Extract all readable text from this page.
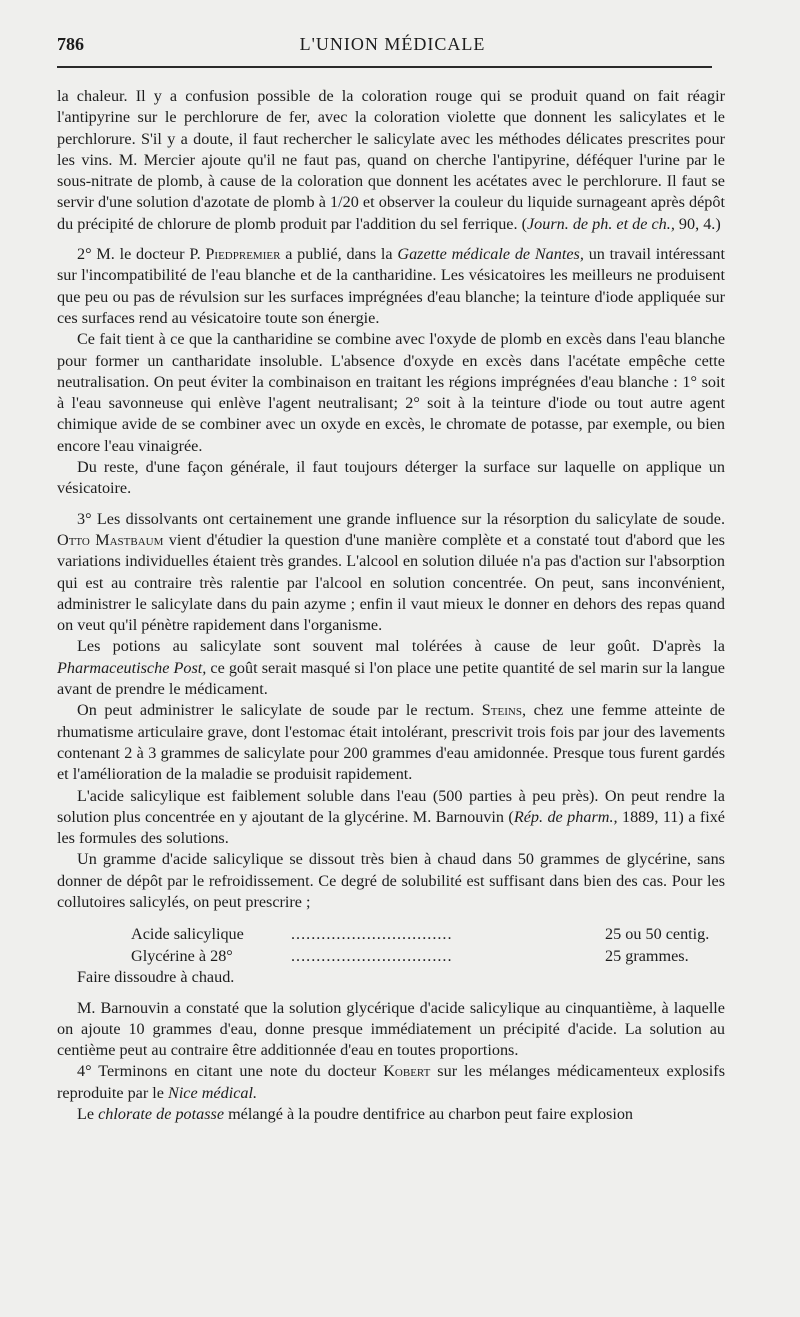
786	L'UNION MÉDICALE

la chaleur. Il y a confusion possible de la coloration rouge qui se produit quand on fait réagir l'antipyrine sur le perchlorure de fer, avec la coloration violette que donnent les salicylates et le perchlorure. S'il y a doute, il faut rechercher le salicylate avec les méthodes délicates prescrites pour les vins. M. Mercier ajoute qu'il ne faut pas, quand on cherche l'antipyrine, déféquer l'urine par le sous-nitrate de plomb, à cause de la coloration que donnent les acétates avec le perchlorure. Il faut se servir d'une solution d'azotate de plomb à 1/20 et observer la couleur du liquide surnageant après dépôt du précipité de chlorure de plomb produit par l'addition du sel ferrique. (Journ. de ph. et de ch., 90, 4.)

2° M. le docteur P. Piedpremier a publié, dans la Gazette médicale de Nantes, un travail intéressant sur l'incompatibilité de l'eau blanche et de la cantharidine. Les vésicatoires les meilleurs ne produisent que peu ou pas de révulsion sur les surfaces imprégnées d'eau blanche; la teinture d'iode appliquée sur ces surfaces rend au vésicatoire toute son énergie.

Ce fait tient à ce que la cantharidine se combine avec l'oxyde de plomb en excès dans l'eau blanche pour former un cantharidate insoluble. L'absence d'oxyde en excès dans l'acétate empêche cette neutralisation. On peut éviter la combinaison en traitant les régions imprégnées d'eau blanche : 1° soit à l'eau savonneuse qui enlève l'agent neutralisant; 2° soit à la teinture d'iode ou tout autre agent chimique avide de se combiner avec un oxyde en excès, le chromate de potasse, par exemple, ou bien encore l'eau vinaigrée.

Du reste, d'une façon générale, il faut toujours déterger la surface sur laquelle on applique un vésicatoire.

3° Les dissolvants ont certainement une grande influence sur la résorption du salicylate de soude. Otto Mastbaum vient d'étudier la question d'une manière complète et a constaté tout d'abord que les variations individuelles étaient très grandes. L'alcool en solution diluée n'a pas d'action sur l'absorption qui est au contraire très ralentie par l'alcool en solution concentrée. On peut, sans inconvénient, administrer le salicylate dans du pain azyme ; enfin il vaut mieux le donner en dehors des repas quand on veut qu'il pénètre rapidement dans l'organisme.

Les potions au salicylate sont souvent mal tolérées à cause de leur goût. D'après la Pharmaceutische Post, ce goût serait masqué si l'on place une petite quantité de sel marin sur la langue avant de prendre le médicament.

On peut administrer le salicylate de soude par le rectum. Steins, chez une femme atteinte de rhumatisme articulaire grave, dont l'estomac était intolérant, prescrivit trois fois par jour des lavements contenant 2 à 3 grammes de salicylate pour 200 grammes d'eau amidonnée. Presque tous furent gardés et l'amélioration de la maladie se produisit rapidement.

L'acide salicylique est faiblement soluble dans l'eau (500 parties à peu près). On peut rendre la solution plus concentrée en y ajoutant de la glycérine. M. Barnouvin (Rép. de pharm., 1889, 11) a fixé les formules des solutions.

Un gramme d'acide salicylique se dissout très bien à chaud dans 50 grammes de glycérine, sans donner de dépôt par le refroidissement. Ce degré de solubilité est suffisant dans bien des cas. Pour les collutoires salicylés, on peut prescrire ;

Acide salicylique	................................	25 ou 50 centig.
Glycérine à 28°	................................	25 grammes.

Faire dissoudre à chaud.

M. Barnouvin a constaté que la solution glycérique d'acide salicylique au cinquantième, à laquelle on ajoute 10 grammes d'eau, donne presque immédiatement un précipité d'acide. La solution au centième peut au contraire être additionnée d'eau en toutes proportions.

4° Terminons en citant une note du docteur Kobert sur les mélanges médicamenteux explosifs reproduite par le Nice médical.

Le chlorate de potasse mélangé à la poudre dentifrice au charbon peut faire explosion
